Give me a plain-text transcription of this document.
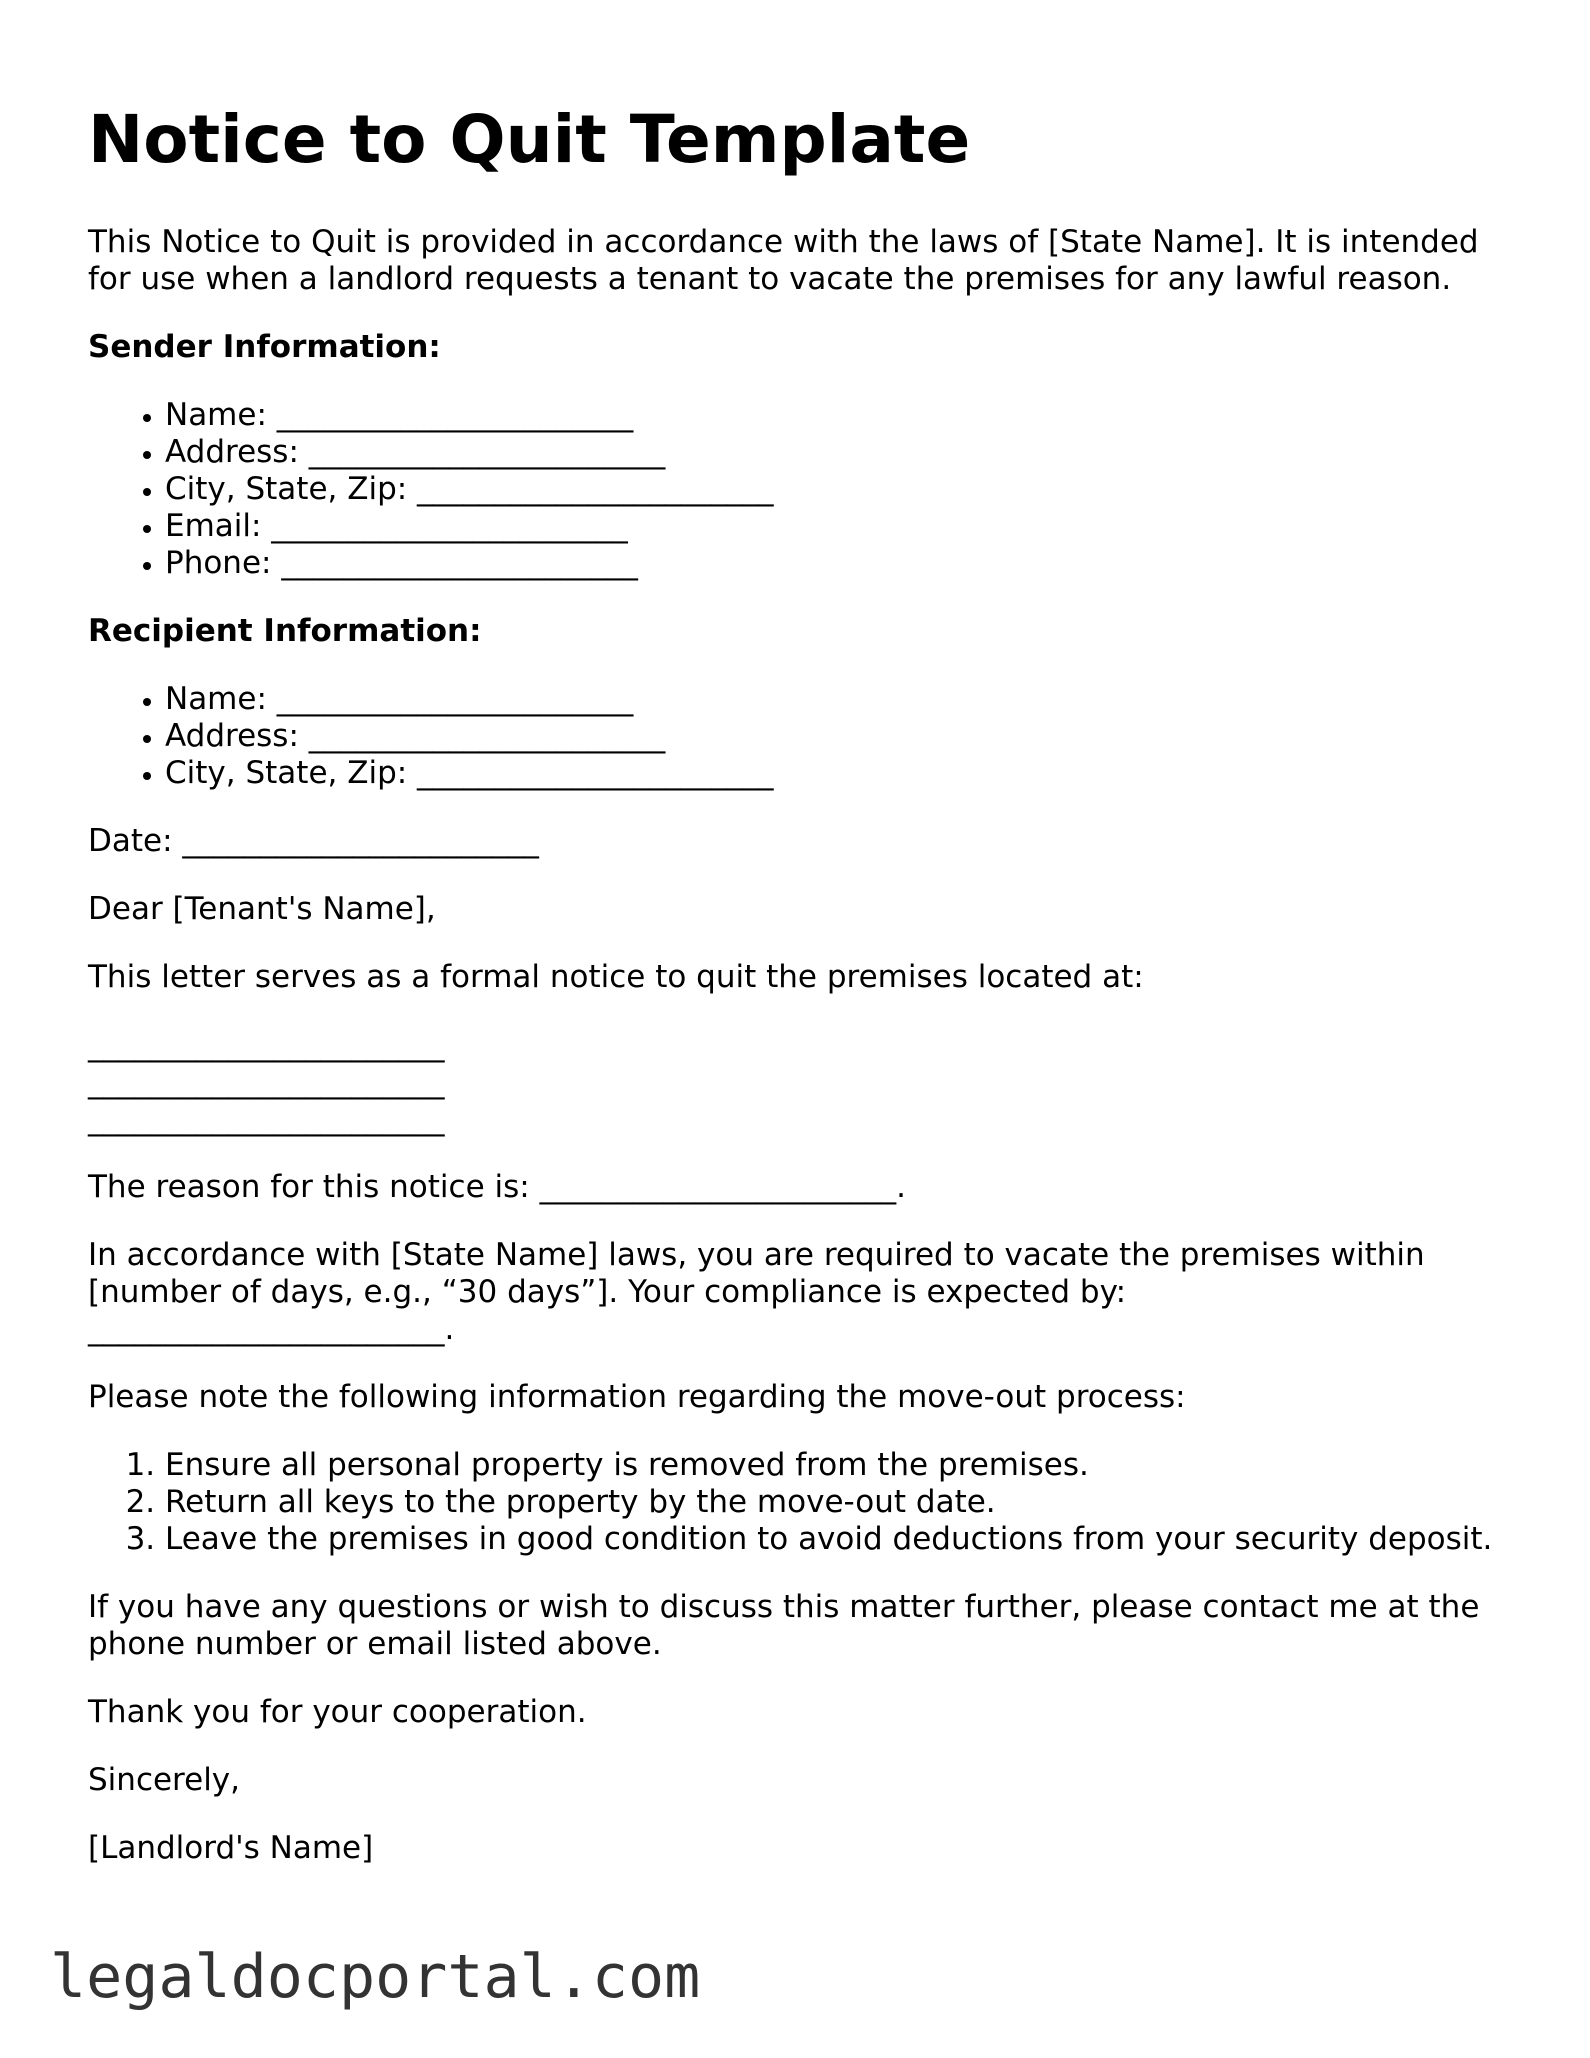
Notice to Quit Template

This Notice to Quit is provided in accordance with the laws of [State Name]. It is intended for use when a landlord requests a tenant to vacate the premises for any lawful reason.

Sender Information:

• Name: _______________________
• Address: _______________________
• City, State, Zip: _______________________
• Email: _______________________
• Phone: _______________________

Recipient Information:

• Name: _______________________
• Address: _______________________
• City, State, Zip: _______________________

Date: _______________________

Dear [Tenant's Name],

This letter serves as a formal notice to quit the premises located at:

_______________________
_______________________
_______________________

The reason for this notice is: _______________________.

In accordance with [State Name] laws, you are required to vacate the premises within [number of days, e.g., “30 days”]. Your compliance is expected by:
_______________________.

Please note the following information regarding the move-out process:

1. Ensure all personal property is removed from the premises.
2. Return all keys to the property by the move-out date.
3. Leave the premises in good condition to avoid deductions from your security deposit.

If you have any questions or wish to discuss this matter further, please contact me at the phone number or email listed above.

Thank you for your cooperation.

Sincerely,

[Landlord's Name]

legaldocportal.com
